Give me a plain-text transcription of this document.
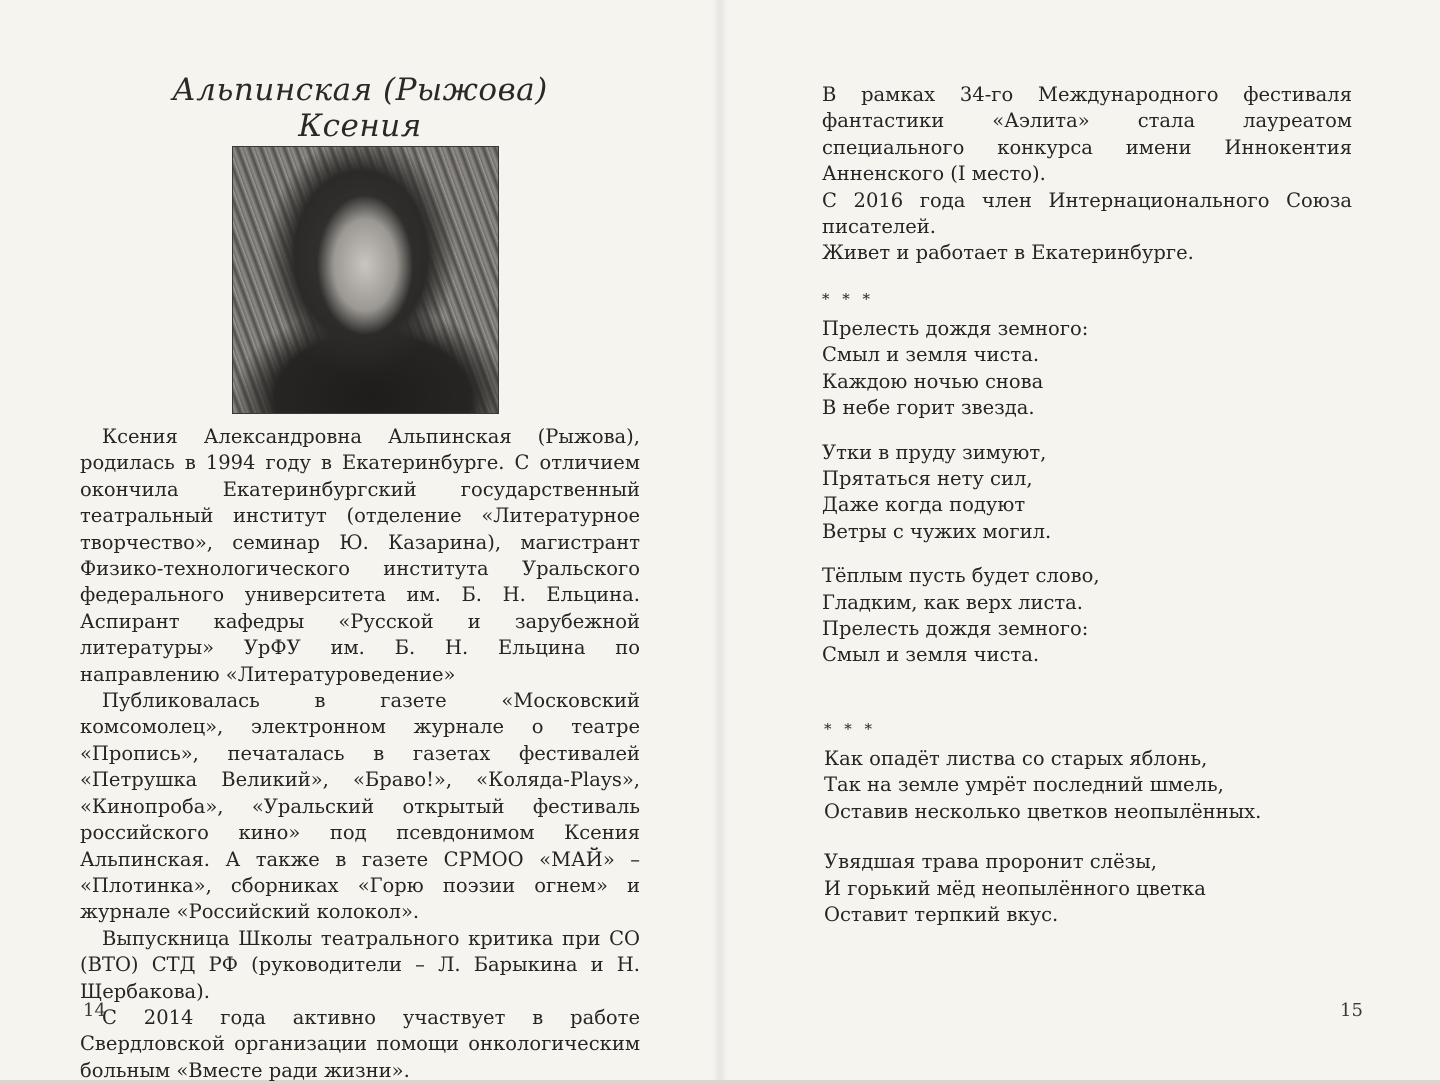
Альпинская (Рыжова) Ксения

Ксения Александровна Альпинская (Рыжова), родилась в 1994 году в Екатеринбурге. С отличием окончила Екатеринбургский государственный театральный институт (отделение «Литературное творчество», семинар Ю. Казарина), магистрант Физико-технологического института Уральского федерального университета им. Б. Н. Ельцина. Аспирант кафедры «Русской и зарубежной литературы» УрФУ им. Б. Н. Ельцина по направлению «Литературоведение»

Публиковалась в газете «Московский комсомолец», электронном журнале о театре «Пропись», печаталась в газетах фестивалей «Петрушка Великий», «Браво!», «Коляда-Plays», «Кинопроба», «Уральский открытый фестиваль российского кино» под псевдонимом Ксения Альпинская. А также в газете СРМОО «МАЙ» – «Плотинка», сборниках «Горю поэзии огнем» и журнале «Российский колокол».

Выпускница Школы театрального критика при СО (ВТО) СТД РФ (руководители – Л. Барыкина и Н. Щербакова).

С 2014 года активно участвует в работе Свердловской организации помощи онкологическим больным «Вместе ради жизни».

14

В рамках 34-го Международного фестиваля фантастики «Аэлита» стала лауреатом специального конкурса имени Иннокентия Анненского (I место).

С 2016 года член Интернационального Союза писателей.

Живет и работает в Екатеринбурге.

* * *
Прелесть дождя земного:
Смыл и земля чиста.
Каждою ночью снова
В небе горит звезда.
Утки в пруду зимуют,
Прятаться нету сил,
Даже когда подуют
Ветры с чужих могил.
Тёплым пусть будет слово,
Гладким, как верх листа.
Прелесть дождя земного:
Смыл и земля чиста.
* * *
Как опадёт листва со старых яблонь,
Так на земле умрёт последний шмель,
Оставив несколько цветков неопылённых.
Увядшая трава проронит слёзы,
И горький мёд неопылённого цветка
Оставит терпкий вкус.
15
